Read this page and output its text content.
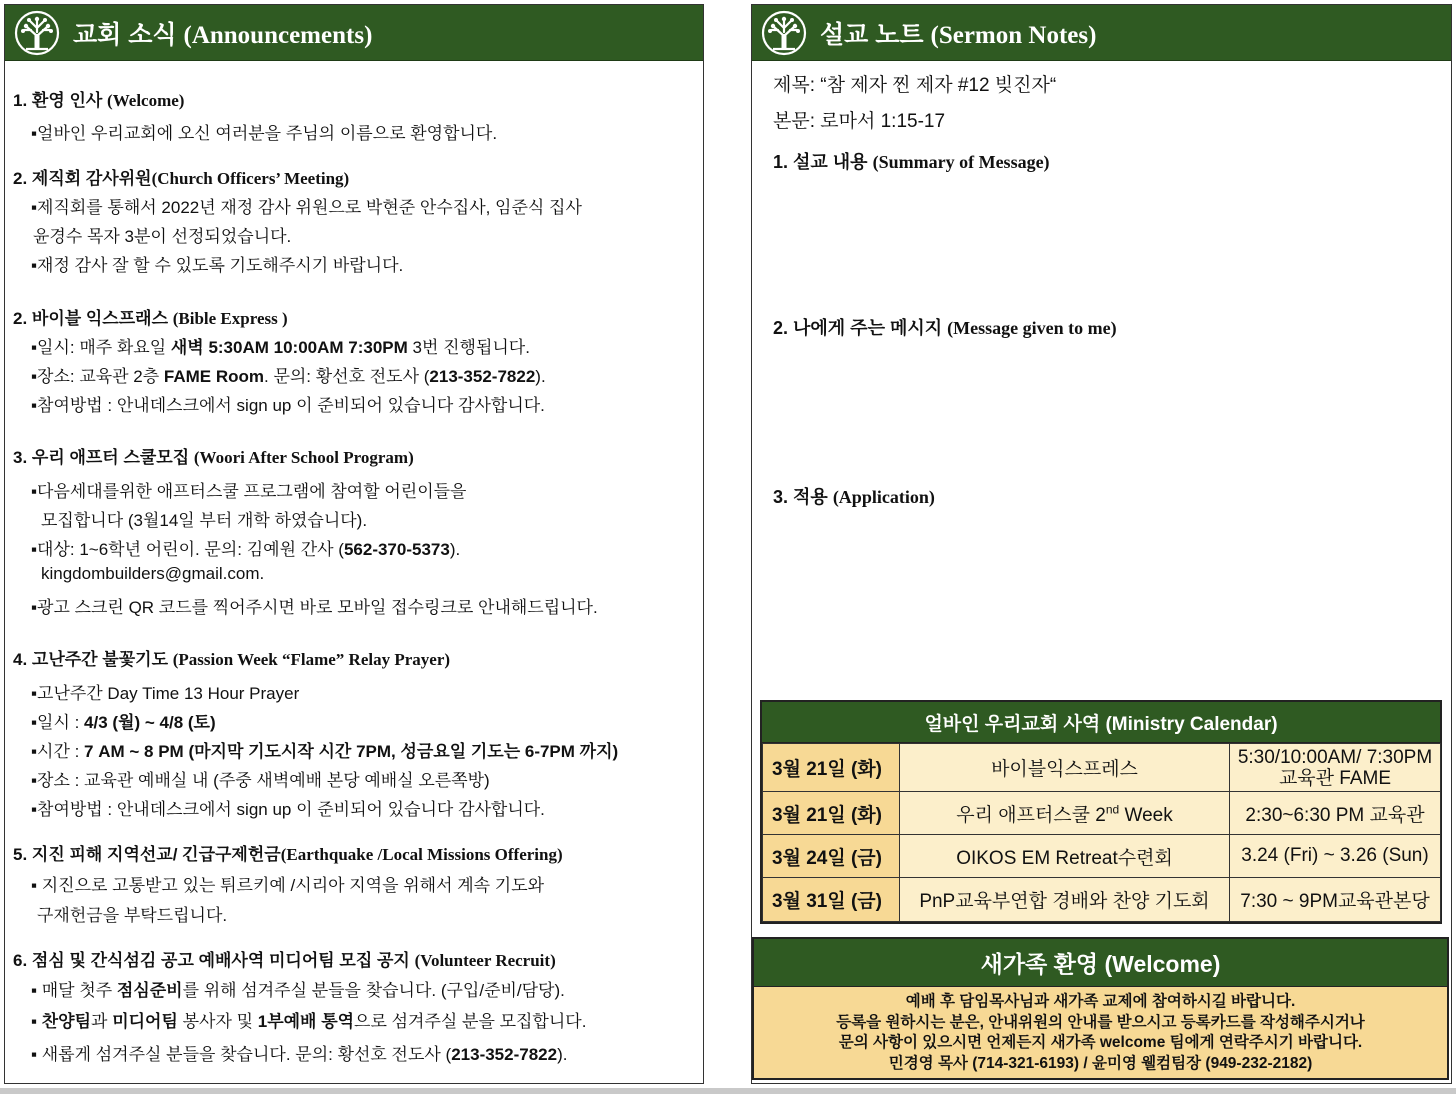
교회 소식 (Announcements)
1. 환영 인사 (Welcome)
▪얼바인 우리교회에 오신 여러분을 주님의 이름으로 환영합니다.
2. 제직회 감사위원(Church Officers’ Meeting)
▪제직회를 통해서 2022년 재정 감사 위원으로 박현준 안수집사, 임준식 집사
윤경수 목자 3분이 선정되었습니다.
▪재정 감사 잘 할 수 있도록 기도해주시기 바랍니다.
2. 바이블 익스프래스 (Bible Express )
▪일시: 매주 화요일 새벽 5:30AM 10:00AM 7:30PM 3번 진행됩니다.
▪장소: 교육관 2층 FAME Room. 문의: 황선호 전도사 (213-352-7822).
▪참여방법 : 안내데스크에서 sign up 이 준비되어 있습니다 감사합니다.
3. 우리 애프터 스쿨모집 (Woori After School Program)
▪다음세대를위한 애프터스쿨 프로그램에 참여할 어린이들을
모집합니다 (3월14일 부터 개학 하였습니다).
▪대상: 1~6학년 어린이. 문의: 김예원 간사 (562-370-5373).
kingdombuilders@gmail.com.
▪광고 스크린 QR 코드를 찍어주시면 바로 모바일 접수링크로 안내해드립니다.
4. 고난주간 불꽃기도 (Passion Week “Flame” Relay Prayer)
▪고난주간 Day Time 13 Hour Prayer
▪일시 : 4/3 (월) ~ 4/8 (토)
▪시간 : 7 AM ~ 8 PM (마지막 기도시작 시간 7PM, 성금요일 기도는 6-7PM 까지)
▪장소 : 교육관 예배실 내 (주중 새벽예배 본당 예배실 오른쪽방)
▪참여방법 : 안내데스크에서 sign up 이 준비되어 있습니다 감사합니다.
5. 지진 피해 지역선교/ 긴급구제헌금(Earthquake /Local Missions Offering)
▪ 지진으로 고통받고 있는 튀르키예 /시리아 지역을 위해서 계속 기도와
구재헌금을 부탁드립니다.
6. 점심 및 간식섬김 공고 예배사역 미디어팀 모집 공지 (Volunteer Recruit)
▪ 매달 첫주 점심준비를 위해 섬겨주실 분들을 찾습니다. (구입/준비/담당).
▪ 찬양팀과 미디어팀 봉사자 및 1부예배 통역으로 섬겨주실 분을 모집합니다.
▪ 새롭게 섬겨주실 분들을 찾습니다. 문의: 황선호 전도사 (213-352-7822).
설교 노트 (Sermon Notes)
제목: “참 제자 찐 제자 #12 빚진자“
본문: 로마서 1:15-17
1. 설교 내용 (Summary of Message)
2. 나에게 주는 메시지 (Message given to me)
3. 적용 (Application)
얼바인 우리교회 사역 (Ministry Calendar)
3월 21일 (화)	바이블익스프레스	5:30/10:00AM/ 7:30PM
교육관 FAME

3월 21일 (화)	우리 애프터스쿨 2nd Week	2:30~6:30 PM 교육관
3월 24일 (금)	OIKOS EM Retreat수련회	3.24 (Fri) ~ 3.26 (Sun)
3월 31일 (금)	PnP교육부연합 경배와 찬양 기도회	7:30 ~ 9PM교육관본당
새가족 환영 (Welcome)
예배 후 담임목사님과 새가족 교제에 참여하시길 바랍니다.
등록을 원하시는 분은, 안내위원의 안내를 받으시고 등록카드를 작성해주시거나
문의 사항이 있으시면 언제든지 새가족 welcome 팀에게 연락주시기 바랍니다.
민경영 목사 (714-321-6193) / 윤미영 웰컴팀장 (949-232-2182)
